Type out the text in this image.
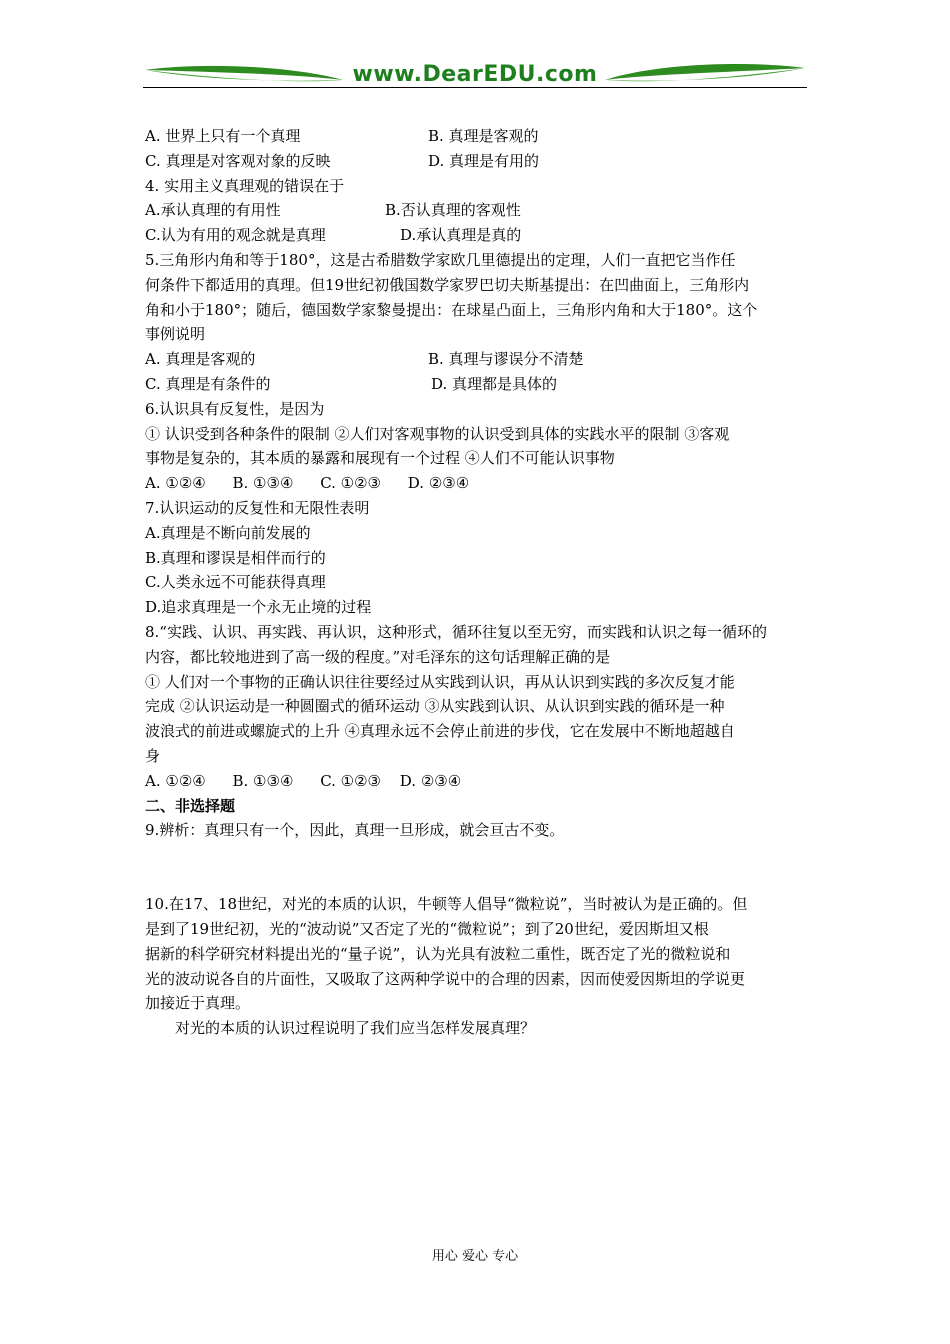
www.DearEDU.com
A. 世界上只有一个真理	B. 真理是客观的
C. 真理是对客观对象的反映	D. 真理是有用的
4. 实用主义真理观的错误在于
A.承认真理的有用性	B.否认真理的客观性
C.认为有用的观念就是真理	D.承认真理是真的
5.三角形内角和等于180°，这是古希腊数学家欧几里德提出的定理，人们一直把它当作任
何条件下都适用的真理。但19世纪初俄国数学家罗巴切夫斯基提出：在凹曲面上，三角形内
角和小于180°；随后，德国数学家黎曼提出：在球星凸面上，三角形内角和大于180°。这个
事例说明
A. 真理是客观的	B. 真理与谬误分不清楚
C. 真理是有条件的	D. 真理都是具体的
6.认识具有反复性，是因为
① 认识受到各种条件的限制 ②人们对客观事物的认识受到具体的实践水平的限制 ③客观
事物是复杂的，其本质的暴露和展现有一个过程 ④人们不可能认识事物
A. ①②④ B. ①③④ C. ①②③ D. ②③④
7.认识运动的反复性和无限性表明
A.真理是不断向前发展的
B.真理和谬误是相伴而行的
C.人类永远不可能获得真理
D.追求真理是一个永无止境的过程
8.“实践、认识、再实践、再认识，这种形式，循环往复以至无穷，而实践和认识之每一循环的
内容，都比较地进到了高一级的程度。”对毛泽东的这句话理解正确的是
① 人们对一个事物的正确认识往往要经过从实践到认识，再从认识到实践的多次反复才能
完成 ②认识运动是一种圆圈式的循环运动 ③从实践到认识、从认识到实践的循环是一种
波浪式的前进或螺旋式的上升 ④真理永远不会停止前进的步伐，它在发展中不断地超越自
身
A. ①②④ B. ①③④ C. ①②③ D. ②③④
二、非选择题
9.辨析：真理只有一个，因此，真理一旦形成，就会亘古不变。
10.在17、18世纪，对光的本质的认识，牛顿等人倡导“微粒说”，当时被认为是正确的。但
是到了19世纪初，光的“波动说”又否定了光的“微粒说”；到了20世纪，爱因斯坦又根
据新的科学研究材料提出光的“量子说”，认为光具有波粒二重性，既否定了光的微粒说和
光的波动说各自的片面性，又吸取了这两种学说中的合理的因素，因而使爱因斯坦的学说更
加接近于真理。
对光的本质的认识过程说明了我们应当怎样发展真理？
用心 爱心 专心
